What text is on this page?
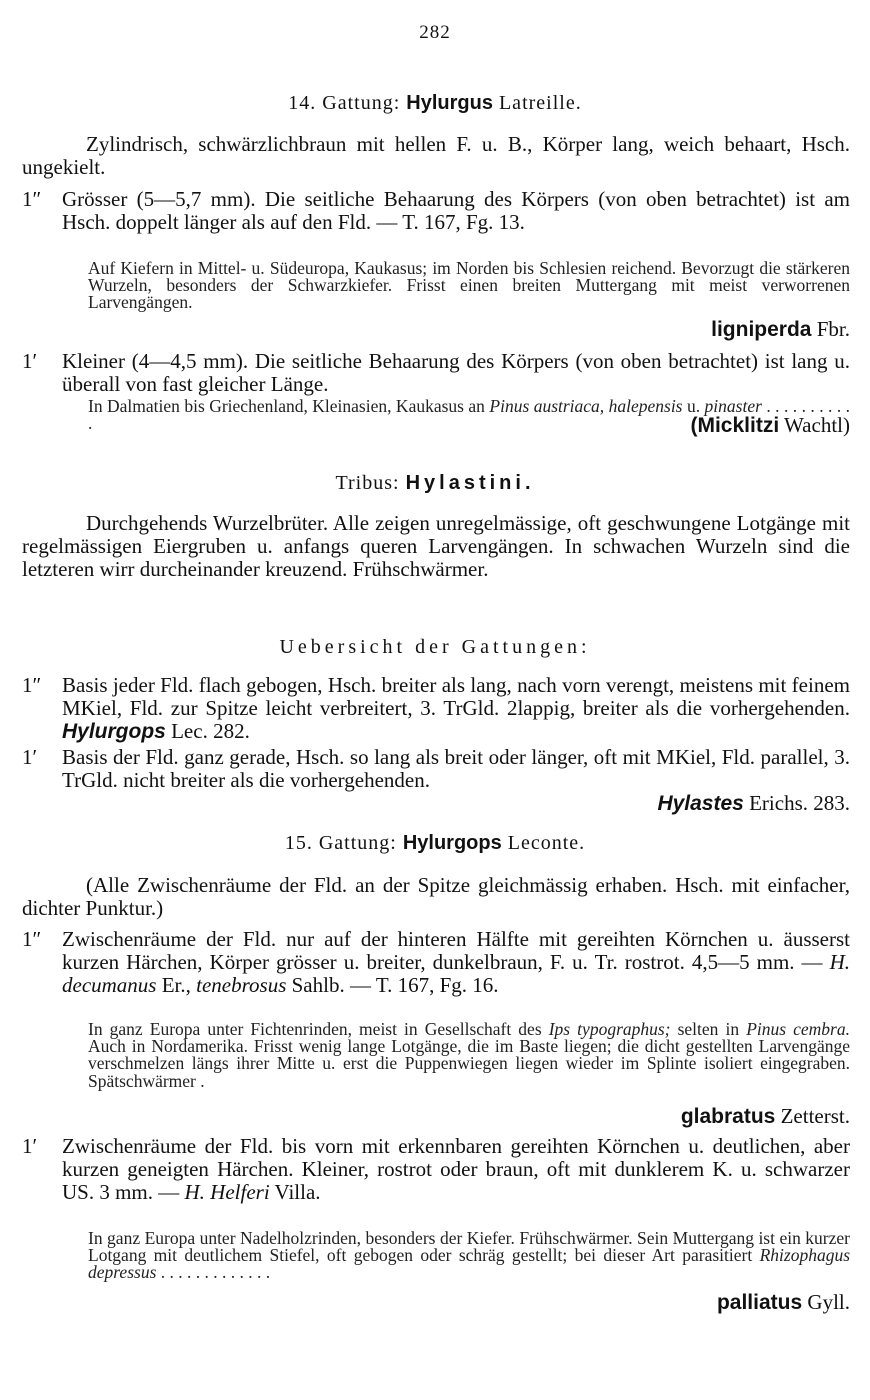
282
14. Gattung: Hylurgus Latreille.

Zylindrisch, schwärzlichbraun mit hellen F. u. B., Körper lang, weich behaart, Hsch. ungekielt.

1″ Grösser (5—5,7 mm). Die seitliche Behaarung des Körpers (von oben betrachtet) ist am Hsch. doppelt länger als auf den Fld. — T. 167, Fg. 13.
Auf Kiefern in Mittel- u. Südeuropa, Kaukasus; im Norden bis Schlesien reichend. Bevorzugt die stärkeren Wurzeln, besonders der Schwarzkiefer. Frisst einen breiten Muttergang mit meist verworrenen Larvengängen.
ligniperda Fbr.
1′ Kleiner (4—4,5 mm). Die seitliche Behaarung des Körpers (von oben betrachtet) ist lang u. überall von fast gleicher Länge.
In Dalmatien bis Griechenland, Kleinasien, Kaukasus an Pinus austriaca, halepensis u. pinaster . . . . . . . . . . .	(Micklitzi Wachtl)
Tribus: Hylastini.

Durchgehends Wurzelbrüter. Alle zeigen unregelmässige, oft geschwungene Lotgänge mit regelmässigen Eiergruben u. anfangs queren Larvengängen. In schwachen Wurzeln sind die letzteren wirr durcheinander kreuzend. Frühschwärmer.

Uebersicht der Gattungen:
1″ Basis jeder Fld. flach gebogen, Hsch. breiter als lang, nach vorn verengt, meistens mit feinem MKiel, Fld. zur Spitze leicht verbreitert, 3. TrGld. 2lappig, breiter als die vorhergehenden. Hylurgops Lec. 282.
1′ Basis der Fld. ganz gerade, Hsch. so lang als breit oder länger, oft mit MKiel, Fld. parallel, 3. TrGld. nicht breiter als die vorhergehenden.
Hylastes Erichs. 283.
15. Gattung: Hylurgops Leconte.

(Alle Zwischenräume der Fld. an der Spitze gleichmässig erhaben. Hsch. mit einfacher, dichter Punktur.)

1″ Zwischenräume der Fld. nur auf der hinteren Hälfte mit gereihten Körnchen u. äusserst kurzen Härchen, Körper grösser u. breiter, dunkelbraun, F. u. Tr. rostrot. 4,5—5 mm. — H. decumanus Er., tenebrosus Sahlb. — T. 167, Fg. 16.
In ganz Europa unter Fichtenrinden, meist in Gesellschaft des Ips typographus; selten in Pinus cembra. Auch in Nordamerika. Frisst wenig lange Lotgänge, die im Baste liegen; die dicht gestellten Larvengänge verschmelzen längs ihrer Mitte u. erst die Puppenwiegen liegen wieder im Splinte isoliert eingegraben. Spätschwärmer .
glabratus Zetterst.
1′ Zwischenräume der Fld. bis vorn mit erkennbaren gereihten Körnchen u. deutlichen, aber kurzen geneigten Härchen. Kleiner, rostrot oder braun, oft mit dunklerem K. u. schwarzer US. 3 mm. — H. Helferi Villa.
In ganz Europa unter Nadelholzrinden, besonders der Kiefer. Frühschwärmer. Sein Muttergang ist ein kurzer Lotgang mit deutlichem Stiefel, oft gebogen oder schräg gestellt; bei dieser Art parasitiert Rhizophagus depressus . . . . . . . . . . . . .
palliatus Gyll.
